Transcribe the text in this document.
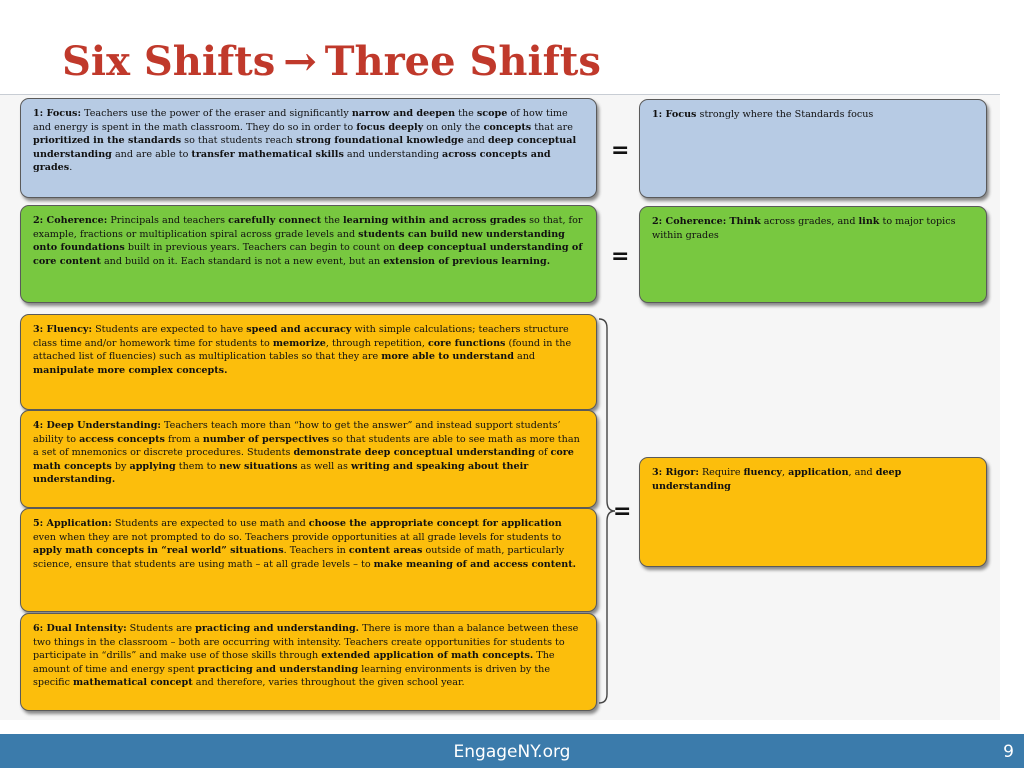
Six Shifts → Three Shifts
1: Focus: Teachers use the power of the eraser and significantly narrow and deepen the scope of how time and energy is spent in the math classroom. They do so in order to focus deeply on only the concepts that are prioritized in the standards so that students reach strong foundational knowledge and deep conceptual understanding and are able to transfer mathematical skills and understanding across concepts and grades.
2: Coherence: Principals and teachers carefully connect the learning within and across grades so that, for example, fractions or multiplication spiral across grade levels and students can build new understanding onto foundations built in previous years. Teachers can begin to count on deep conceptual understanding of core content and build on it. Each standard is not a new event, but an extension of previous learning.
3: Fluency: Students are expected to have speed and accuracy with simple calculations; teachers structure class time and/or homework time for students to memorize, through repetition, core functions (found in the attached list of fluencies) such as multiplication tables so that they are more able to understand and manipulate more complex concepts.
4: Deep Understanding: Teachers teach more than “how to get the answer” and instead support students’ ability to access concepts from a number of perspectives so that students are able to see math as more than a set of mnemonics or discrete procedures. Students demonstrate deep conceptual understanding of core math concepts by applying them to new situations as well as writing and speaking about their understanding.
5: Application: Students are expected to use math and choose the appropriate concept for application even when they are not prompted to do so. Teachers provide opportunities at all grade levels for students to apply math concepts in “real world” situations. Teachers in content areas outside of math, particularly science, ensure that students are using math – at all grade levels – to make meaning of and access content.
6: Dual Intensity: Students are practicing and understanding. There is more than a balance between these two things in the classroom – both are occurring with intensity. Teachers create opportunities for students to participate in “drills” and make use of those skills through extended application of math concepts. The amount of time and energy spent practicing and understanding learning environments is driven by the specific mathematical concept and therefore, varies throughout the given school year.
=
=
=
1: Focus strongly where the Standards focus
2: Coherence: Think across grades, and link to major topics within grades
3: Rigor: Require fluency, application, and deep understanding
EngageNY.org	9
